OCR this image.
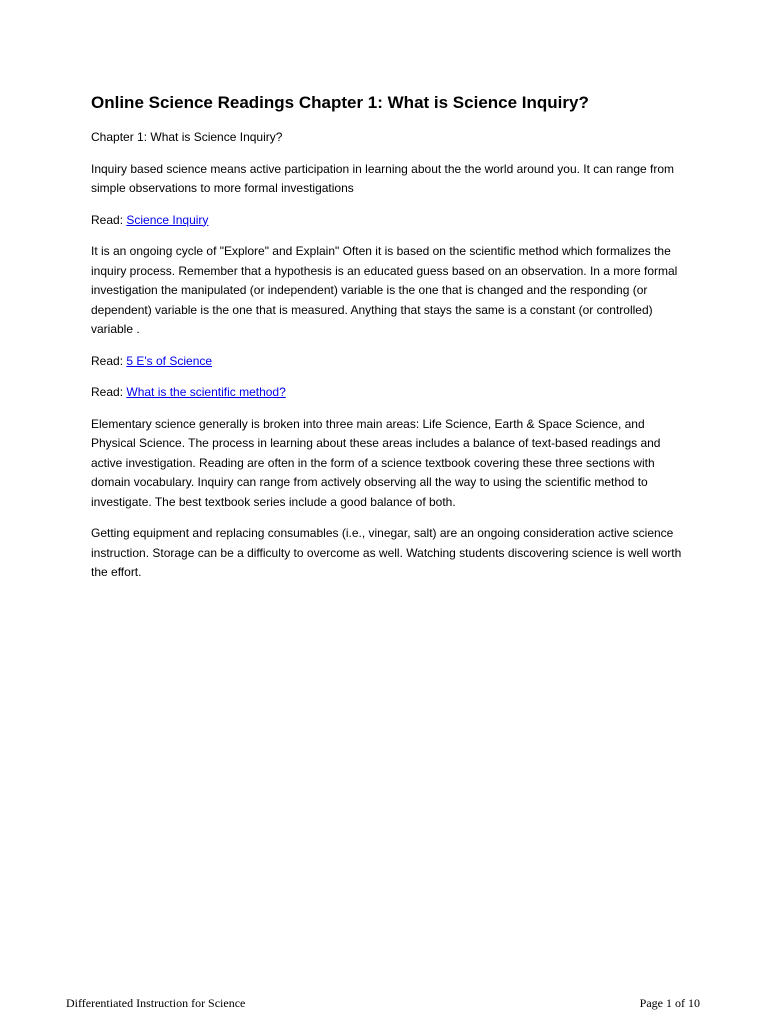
Online Science Readings Chapter 1: What is Science Inquiry?

Chapter 1: What is Science Inquiry?

Inquiry based science means active participation in learning about the the world around you. It can range from simple observations to more formal investigations

Read: Science Inquiry

It is an ongoing cycle of "Explore" and Explain" Often it is based on the scientific method which formalizes the inquiry process. Remember that a hypothesis is an educated guess based on an observation. In a more formal investigation the manipulated (or independent) variable is the one that is changed and the responding (or dependent) variable is the one that is measured. Anything that stays the same is a constant (or controlled) variable .

Read: 5 E's of Science

Read: What is the scientific method?

Elementary science generally is broken into three main areas: Life Science, Earth & Space Science, and Physical Science. The process in learning about these areas includes a balance of text-based readings and active investigation. Reading are often in the form of a science textbook covering these three sections with domain vocabulary. Inquiry can range from actively observing all the way to using the scientific method to investigate. The best textbook series include a good balance of both.

Getting equipment and replacing consumables (i.e., vinegar, salt) are an ongoing consideration active science instruction. Storage can be a difficulty to overcome as well. Watching students discovering science is well worth the effort.

Differentiated Instruction for Science	Page 1 of 10
